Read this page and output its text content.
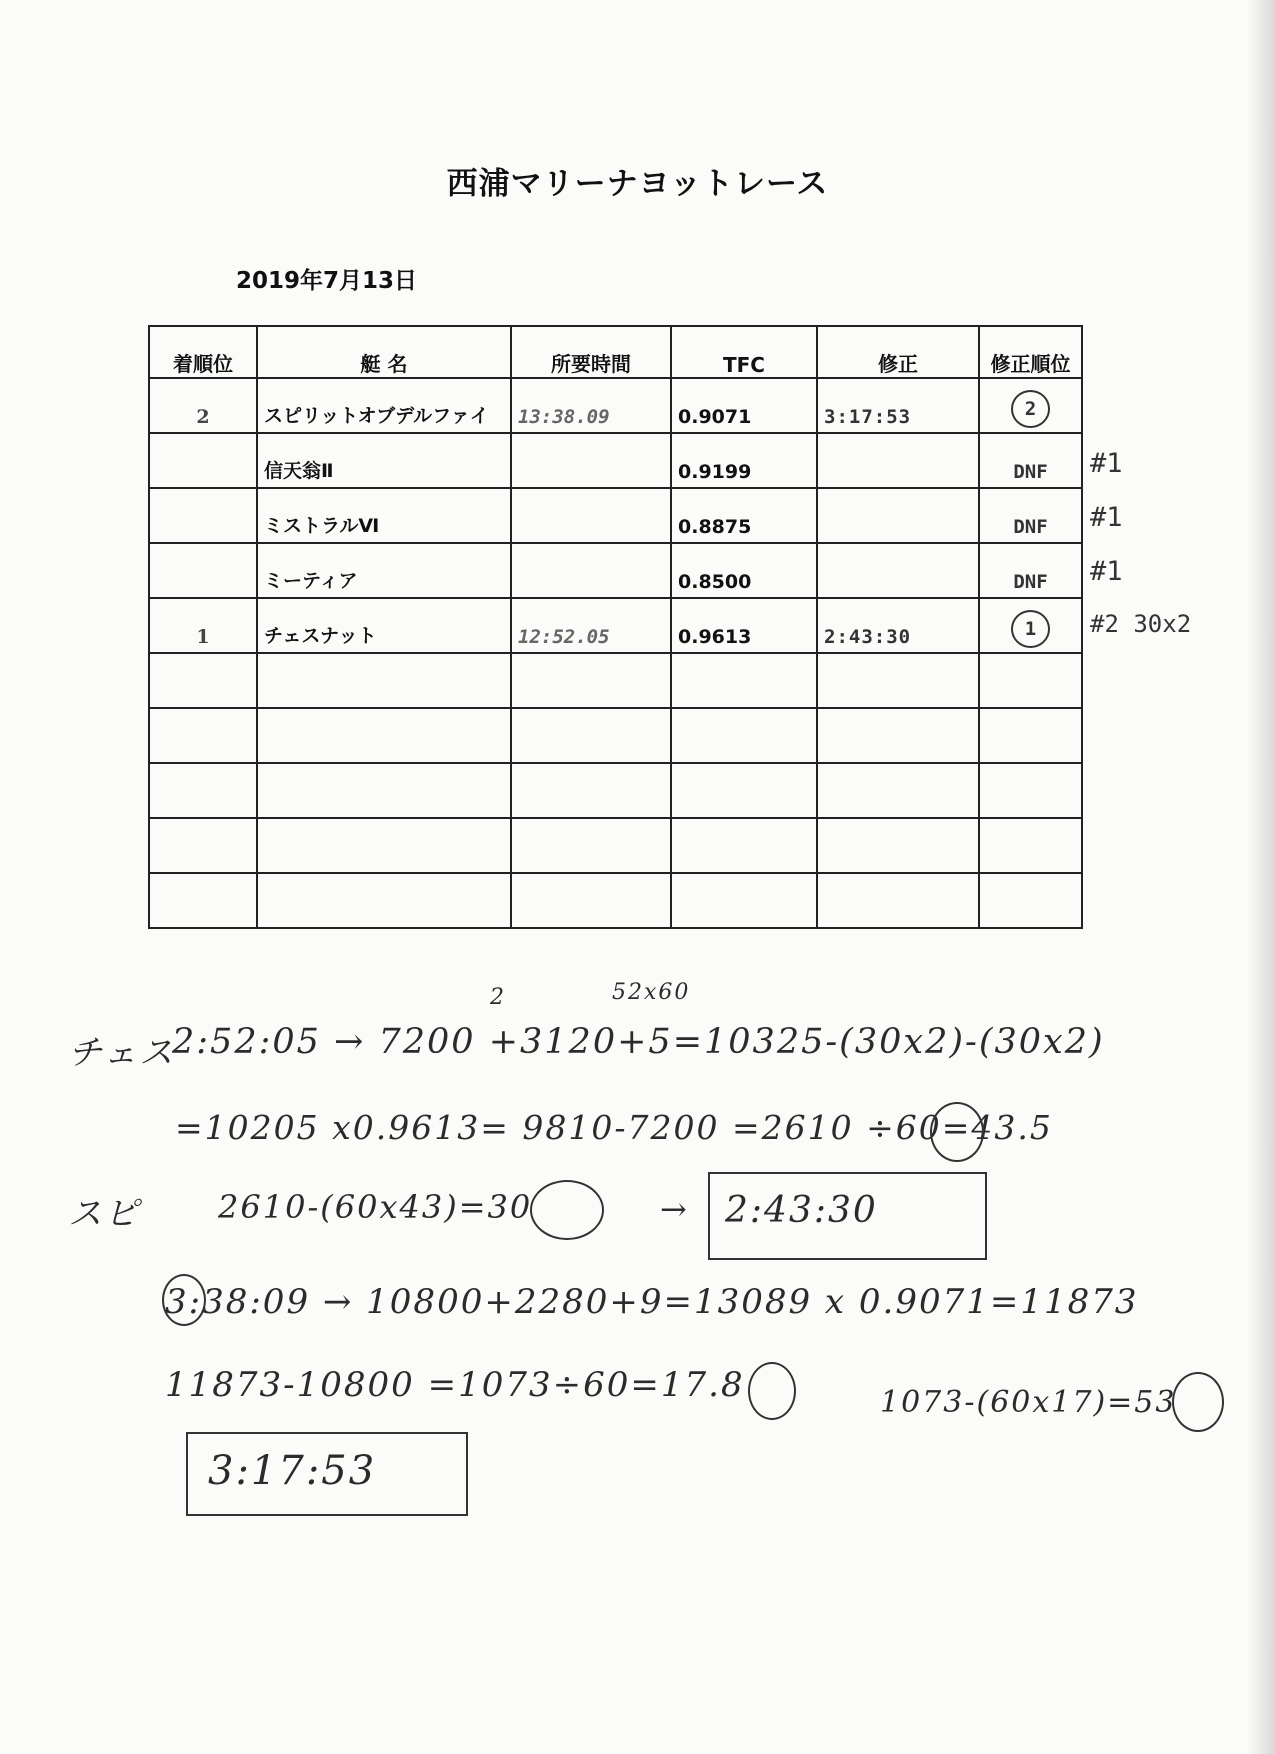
西浦マリーナヨットレース
2019年7月13日
着順位	艇 名	所要時間	TFC	修正	修正順位
2	スピリットオブデルファイ	13:38.09	0.9071	3:17:53	2
	信天翁Ⅱ		0.9199		DNF
	ミストラルⅥ		0.8875		DNF
	ミーティア		0.8500		DNF
1	チェスナット	12:52.05	0.9613	2:43:30	1

#1
#1
#1
#2 30x2
2	52x60
チェス
2:52:05 → 7200 +3120+5=10325-(30x2)-(30x2)
=10205 x0.9613= 9810-7200 =2610 ÷60=43.5
スピ 2610-(60x43)=30	→ 2:43:30
3:38:09 → 10800+2280+9=13089 x 0.9071=11873
11873-10800 =1073÷60=17.8	1073-(60x17)=53
3:17:53
